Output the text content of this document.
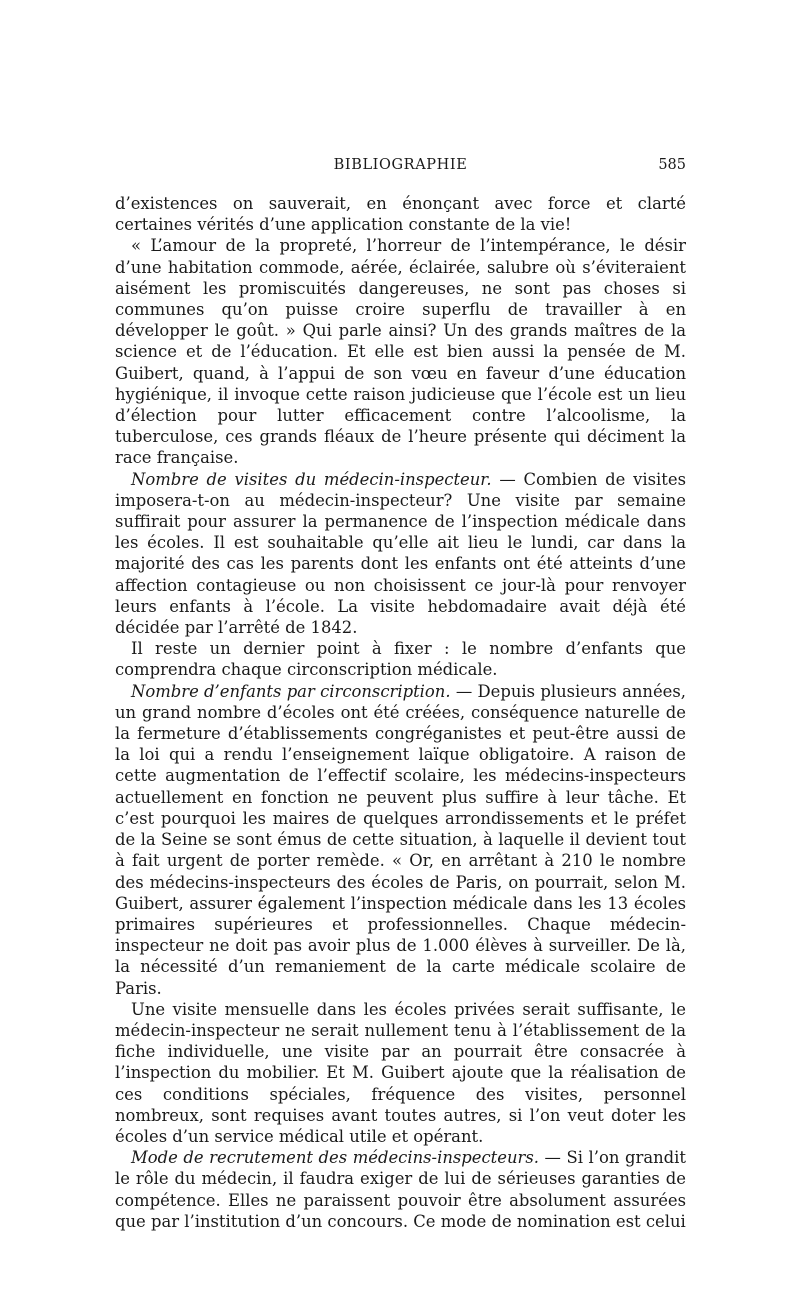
BIBLIOGRAPHIE	585

d’existences on sauverait, en énonçant avec force et clarté certaines vérités d’une application constante de la vie!

« L’amour de la propreté, l’horreur de l’intempérance, le désir d’une habitation commode, aérée, éclairée, salubre où s’éviteraient aisément les promiscuités dangereuses, ne sont pas choses si communes qu’on puisse croire superflu de travailler à en développer le goût. » Qui parle ainsi? Un des grands maîtres de la science et de l’éducation. Et elle est bien aussi la pensée de M. Guibert, quand, à l’appui de son vœu en faveur d’une éducation hygiénique, il invoque cette raison judicieuse que l’école est un lieu d’élection pour lutter efficacement contre l’alcoolisme, la tuberculose, ces grands fléaux de l’heure présente qui déciment la race française.

Nombre de visites du médecin-inspecteur. — Combien de visites imposera-t-on au médecin-inspecteur? Une visite par semaine suffirait pour assurer la permanence de l’inspection médicale dans les écoles. Il est souhaitable qu’elle ait lieu le lundi, car dans la majorité des cas les parents dont les enfants ont été atteints d’une affection contagieuse ou non choisissent ce jour-là pour renvoyer leurs enfants à l’école. La visite hebdomadaire avait déjà été décidée par l’arrêté de 1842.

Il reste un dernier point à fixer : le nombre d’enfants que comprendra chaque circonscription médicale.

Nombre d’enfants par circonscription. — Depuis plusieurs années, un grand nombre d’écoles ont été créées, conséquence naturelle de la fermeture d’établissements congréganistes et peut-être aussi de la loi qui a rendu l’enseignement laïque obligatoire. A raison de cette augmentation de l’effectif scolaire, les médecins-inspecteurs actuellement en fonction ne peuvent plus suffire à leur tâche. Et c’est pourquoi les maires de quelques arrondissements et le préfet de la Seine se sont émus de cette situation, à laquelle il devient tout à fait urgent de porter remède. « Or, en arrêtant à 210 le nombre des médecins-inspecteurs des écoles de Paris, on pourrait, selon M. Guibert, assurer également l’inspection médicale dans les 13 écoles primaires supérieures et professionnelles. Chaque médecin-inspecteur ne doit pas avoir plus de 1.000 élèves à surveiller. De là, la nécessité d’un remaniement de la carte médicale scolaire de Paris.

Une visite mensuelle dans les écoles privées serait suffisante, le médecin-inspecteur ne serait nullement tenu à l’établissement de la fiche individuelle, une visite par an pourrait être consacrée à l’inspection du mobilier. Et M. Guibert ajoute que la réalisation de ces conditions spéciales, fréquence des visites, personnel nombreux, sont requises avant toutes autres, si l’on veut doter les écoles d’un service médical utile et opérant.

Mode de recrutement des médecins-inspecteurs. — Si l’on grandit le rôle du médecin, il faudra exiger de lui de sérieuses garanties de compétence. Elles ne paraissent pouvoir être absolument assurées que par l’institution d’un concours. Ce mode de nomination est celui
